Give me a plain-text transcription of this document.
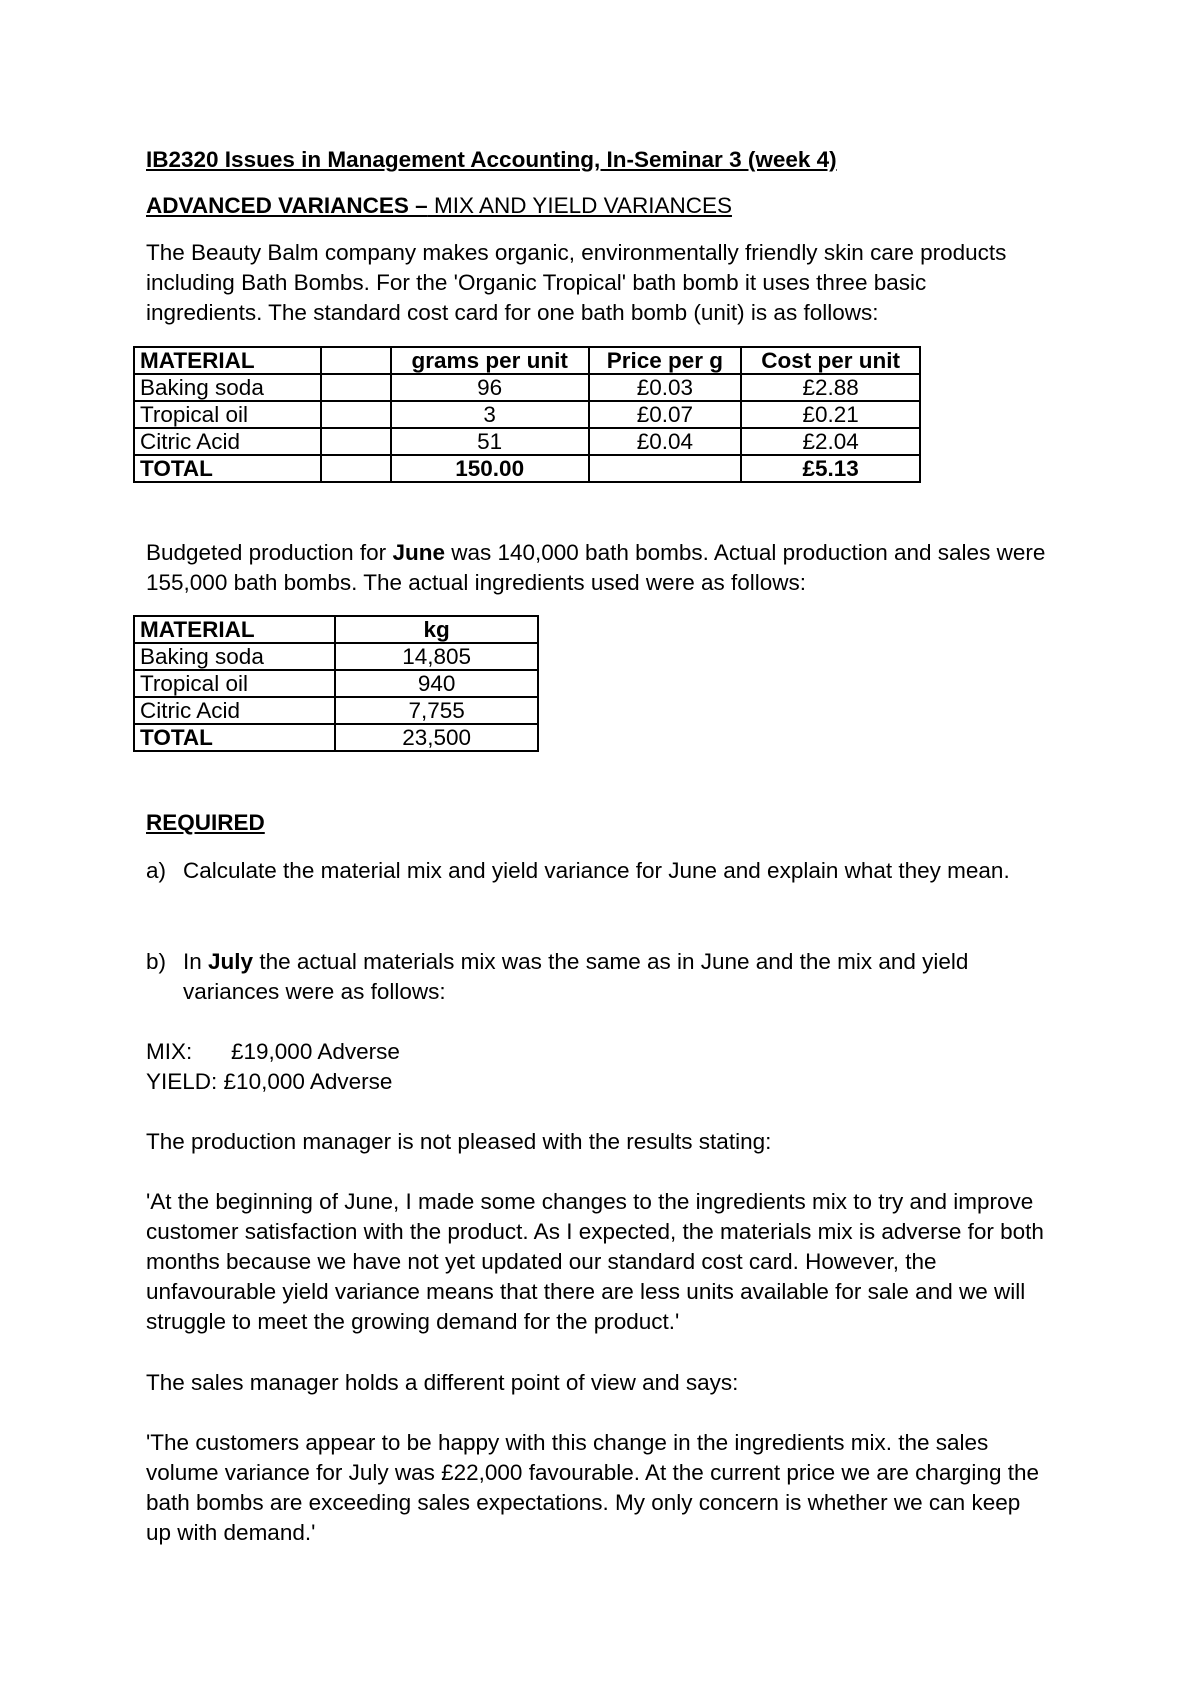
IB2320 Issues in Management Accounting, In-Seminar 3 (week 4)
ADVANCED VARIANCES – MIX AND YIELD VARIANCES
The Beauty Balm company makes organic, environmentally friendly skin care products including Bath Bombs. For the 'Organic Tropical' bath bomb it uses three basic ingredients. The standard cost card for one bath bomb (unit) is as follows:
MATERIAL		grams per unit	Price per g	Cost per unit
Baking soda		96	£0.03	£2.88
Tropical oil		3	£0.07	£0.21
Citric Acid		51	£0.04	£2.04
TOTAL		150.00		£5.13
Budgeted production for June was 140,000 bath bombs. Actual production and sales were 155,000 bath bombs. The actual ingredients used were as follows:
MATERIAL	kg
Baking soda	14,805
Tropical oil	940
Citric Acid	7,755
TOTAL	23,500
REQUIRED
a) Calculate the material mix and yield variance for June and explain what they mean.
b) In July the actual materials mix was the same as in June and the mix and yield variances were as follows:
MIX: £19,000 Adverse
YIELD: £10,000 Adverse
The production manager is not pleased with the results stating:
'At the beginning of June, I made some changes to the ingredients mix to try and improve customer satisfaction with the product. As I expected, the materials mix is adverse for both months because we have not yet updated our standard cost card. However, the unfavourable yield variance means that there are less units available for sale and we will struggle to meet the growing demand for the product.'
The sales manager holds a different point of view and says:
'The customers appear to be happy with this change in the ingredients mix. the sales volume variance for July was £22,000 favourable. At the current price we are charging the bath bombs are exceeding sales expectations. My only concern is whether we can keep up with demand.'
